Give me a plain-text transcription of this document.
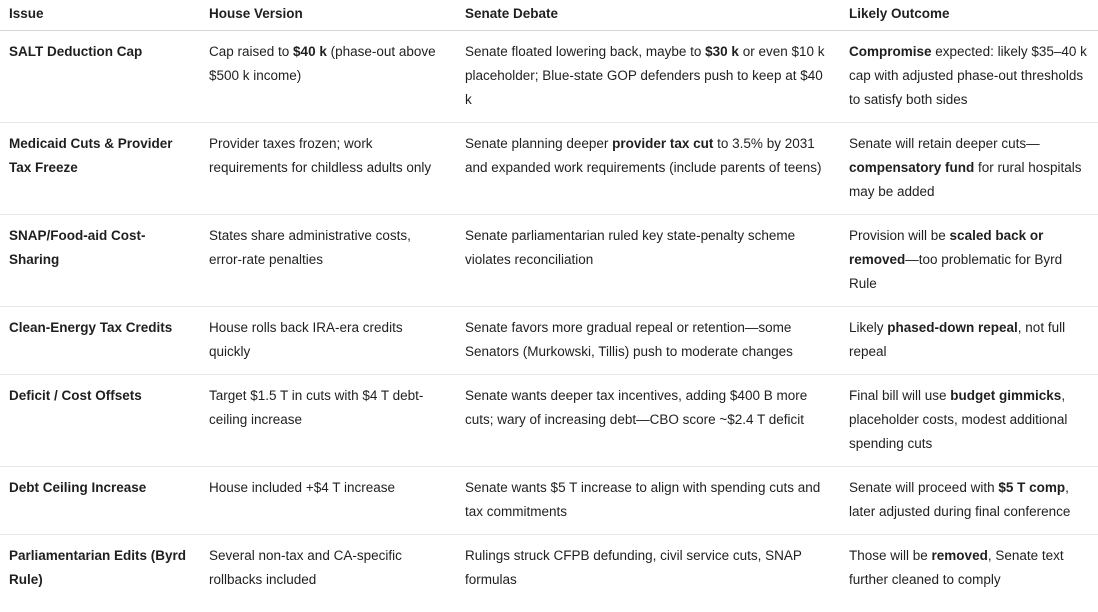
Issue	House Version	Senate Debate	Likely Outcome
SALT Deduction Cap	Cap raised to $40 k (phase-out above $500 k income)	Senate floated lowering back, maybe to $30 k or even $10 k placeholder; Blue-state GOP defenders push to keep at $40 k	Compromise expected: likely $35–40 k cap with adjusted phase-out thresholds to satisfy both sides
Medicaid Cuts & Provider Tax Freeze	Provider taxes frozen; work requirements for childless adults only	Senate planning deeper provider tax cut to 3.5% by 2031 and expanded work requirements (include parents of teens)	Senate will retain deeper cuts—compensatory fund for rural hospitals may be added
SNAP/Food-aid Cost-Sharing	States share administrative costs, error-rate penalties	Senate parliamentarian ruled key state-penalty scheme violates reconciliation	Provision will be scaled back or removed—too problematic for Byrd Rule
Clean-Energy Tax Credits	House rolls back IRA-era credits quickly	Senate favors more gradual repeal or retention—some Senators (Murkowski, Tillis) push to moderate changes	Likely phased-down repeal, not full repeal
Deficit / Cost Offsets	Target $1.5 T in cuts with $4 T debt-ceiling increase	Senate wants deeper tax incentives, adding $400 B more cuts; wary of increasing debt—CBO score ~$2.4 T deficit	Final bill will use budget gimmicks, placeholder costs, modest additional spending cuts
Debt Ceiling Increase	House included +$4 T increase	Senate wants $5 T increase to align with spending cuts and tax commitments	Senate will proceed with $5 T comp, later adjusted during final conference
Parliamentarian Edits (Byrd Rule)	Several non-tax and CA-specific rollbacks included	Rulings struck CFPB defunding, civil service cuts, SNAP formulas	Those will be removed, Senate text further cleaned to comply
